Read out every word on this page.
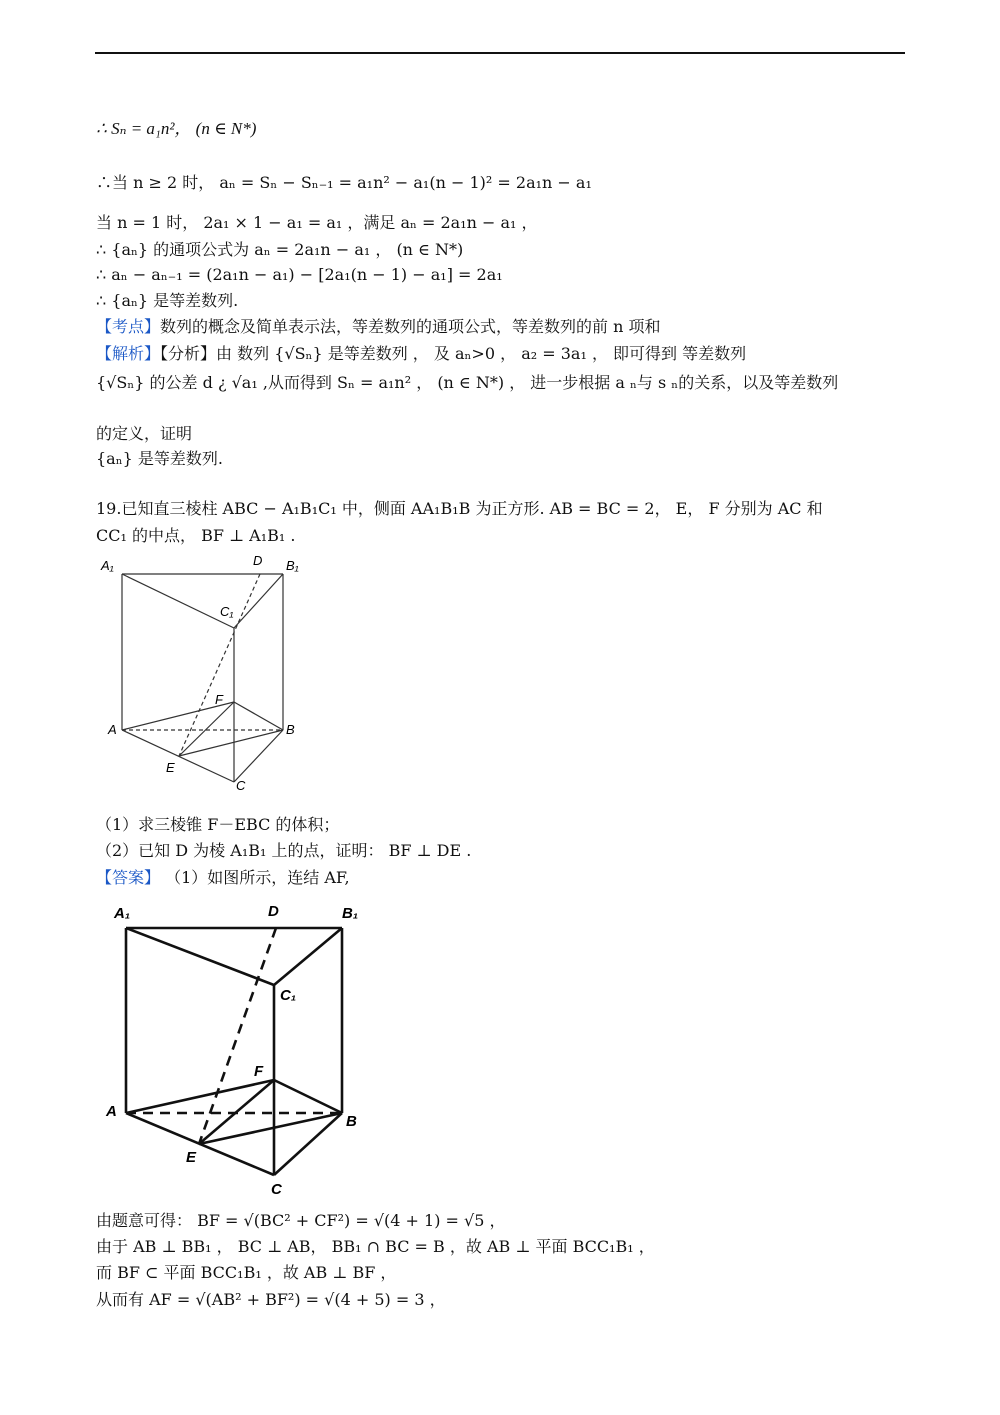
∴ Sₙ = a₁n²， (n ∈ N*)
∴当 n ≥ 2 时， aₙ = Sₙ − Sₙ₋₁ = a₁n² − a₁(n − 1)² = 2a₁n − a₁
当 n = 1 时， 2a₁ × 1 − a₁ = a₁ ，满足 aₙ = 2a₁n − a₁ ，
∴ {aₙ} 的通项公式为 aₙ = 2a₁n − a₁ ， (n ∈ N*)
∴ aₙ − aₙ₋₁ = (2a₁n − a₁) − [2a₁(n − 1) − a₁] = 2a₁
∴ {aₙ} 是等差数列.
【考点】数列的概念及简单表示法，等差数列的通项公式，等差数列的前 n 项和
【解析】【分析】由 数列 {√Sₙ} 是等差数列 ， 及 aₙ>0 ， a₂ = 3a₁ ， 即可得到 等差数列
{√Sₙ} 的公差 d ¿ √a₁ ,从而得到 Sₙ = a₁n² ， (n ∈ N*) ， 进一步根据 a ₙ与 s ₙ的关系，以及等差数列
的定义，证明
{aₙ} 是等差数列.
19.已知直三棱柱 ABC − A₁B₁C₁ 中，侧面 AA₁B₁B 为正方形. AB = BC = 2， E， F 分别为 AC 和
CC₁ 的中点， BF ⊥ A₁B₁ .
A₁	D B₁
C₁
F
A	B
E
C
（1）求三棱锥 F－EBC 的体积；
（2）已知 D 为棱 A₁B₁ 上的点，证明： BF ⊥ DE .
【答案】 （1）如图所示，连结 AF,
A₁	D	B₁
C₁
F
A
B
E
C
由题意可得： BF = √(BC² + CF²) = √(4 + 1) = √5 ，
由于 AB ⊥ BB₁ ， BC ⊥ AB， BB₁ ∩ BC = B ，故 AB ⊥ 平面 BCC₁B₁ ，
而 BF ⊂ 平面 BCC₁B₁ ，故 AB ⊥ BF ，
从而有 AF = √(AB² + BF²) = √(4 + 5) = 3 ，
